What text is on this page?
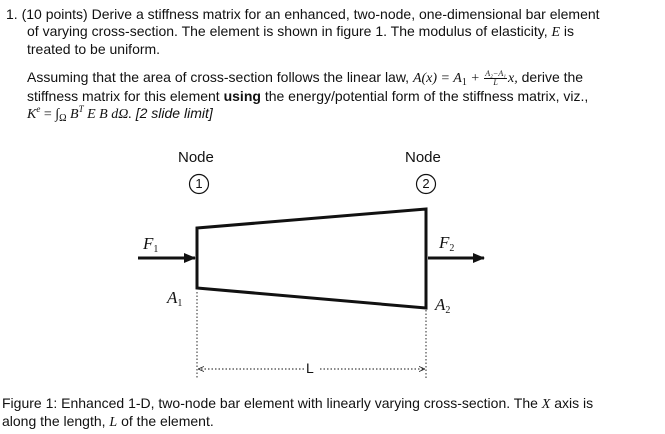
1. (10 points) Derive a stiffness matrix for an enhanced, two-node, one-dimensional bar element
of varying cross-section. The element is shown in figure 1. The modulus of elasticity, E is
treated to be uniform.
Assuming that the area of cross-section follows the linear law, $A(x) = A_1 + \frac{\text{A₂−A₁}}{L} x$, derive the
stiffness matrix for this element using the energy/potential form of the stiffness matrix, viz.,
$K^e = \int_\Omega$ $B^T$ E B dΩ. [2 slide limit]
Node
1
Node
2
F1	F2
A1	A2
L
Figure 1: Enhanced 1-D, two-node bar element with linearly varying cross-section. The X axis is
along the length, L of the element.
